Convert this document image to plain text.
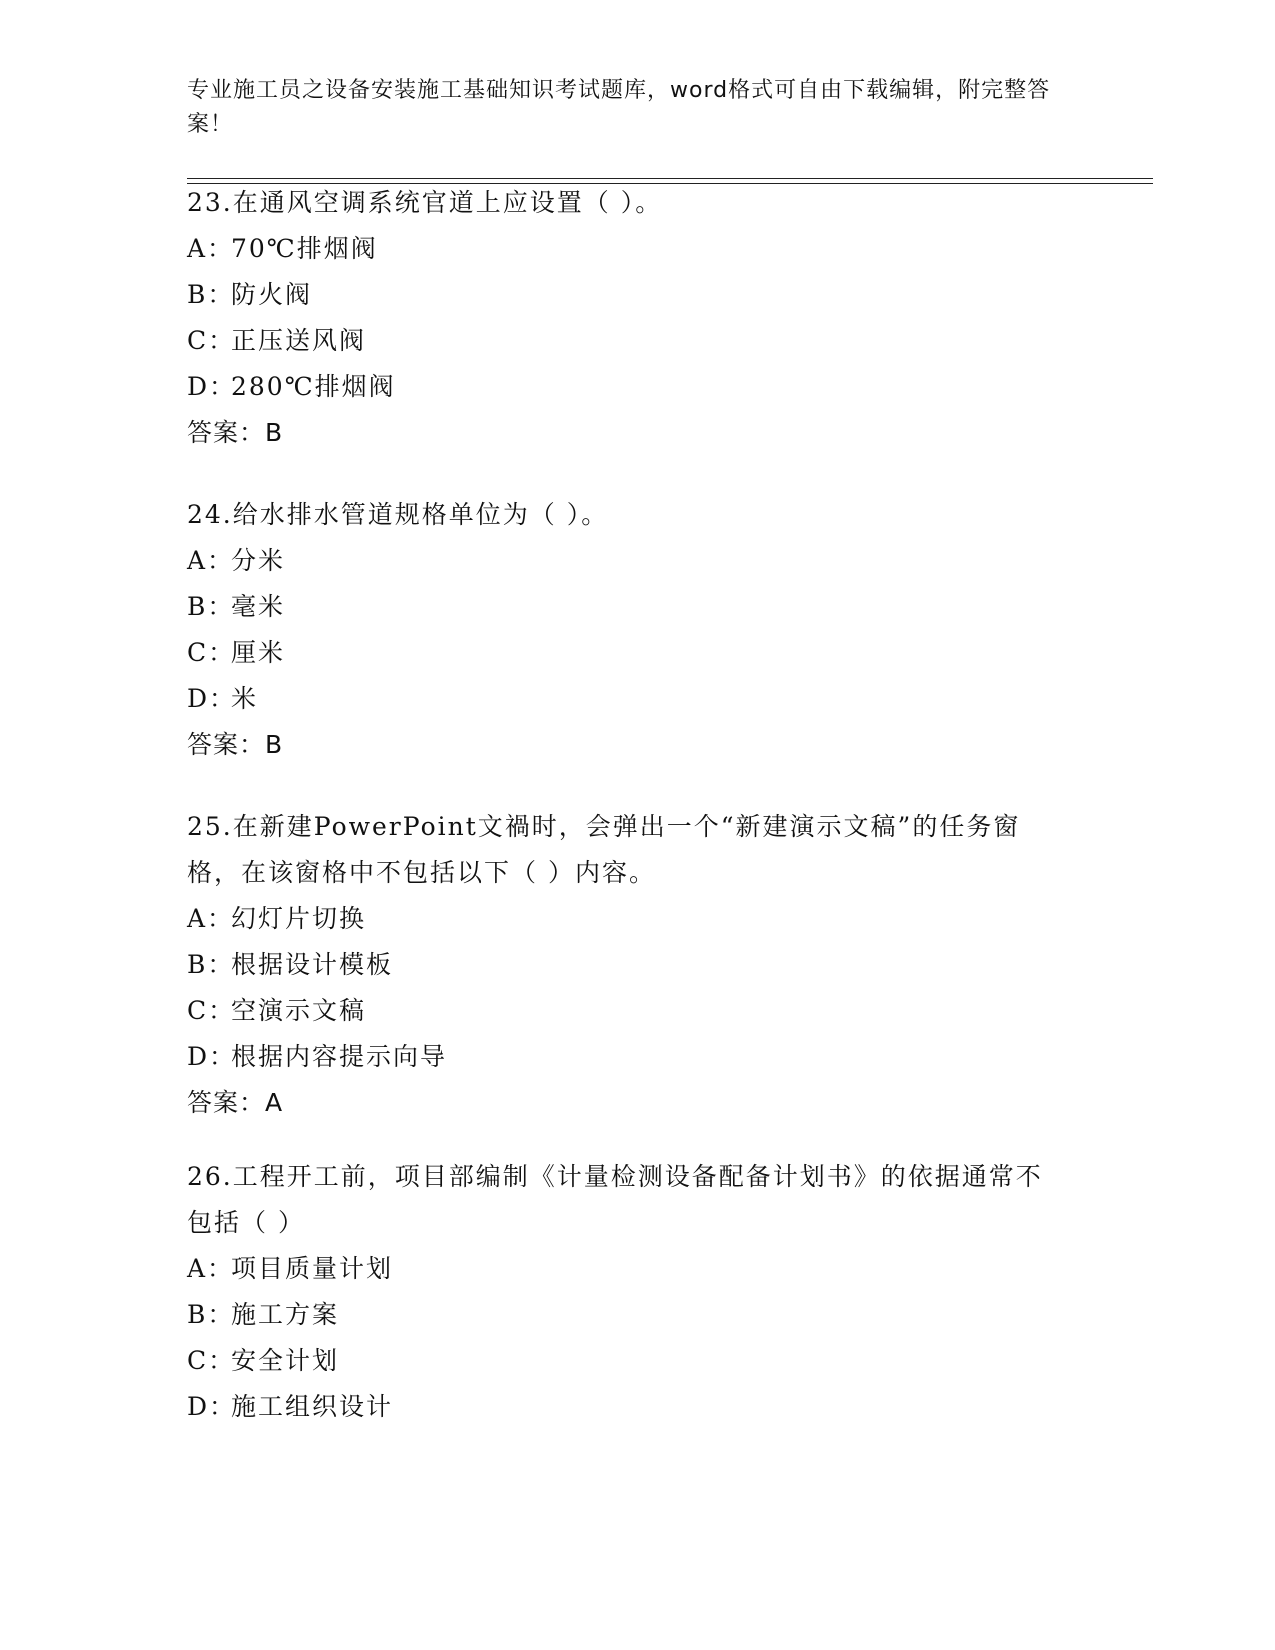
专业施工员之设备安装施工基础知识考试题库，word格式可自由下载编辑，附完整答案！
23.在通风空调系统官道上应设置（ ）。
A：70℃排烟阀
B：防火阀
C：正压送风阀
D：280℃排烟阀
答案：B
24.给水排水管道规格单位为（ ）。
A：分米
B：毫米
C：厘米
D：米
答案：B
25.在新建PowerPoint文禍时，会弹出一个“新建演示文稿”的任务窗格，在该窗格中不包括以下（ ）内容。
A：幻灯片切换
B：根据设计模板
C：空演示文稿
D：根据内容提示向导
答案：A
26.工程开工前，项目部编制《计量检测设备配备计划书》的依据通常不包括（ ）
A：项目质量计划
B：施工方案
C：安全计划
D：施工组织设计
